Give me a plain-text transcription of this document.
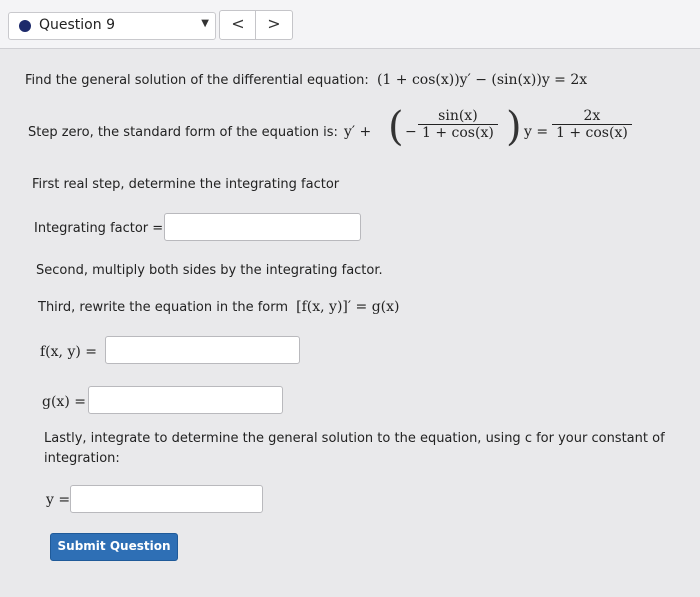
Question 9	▼	<	>
Find the general solution of the differential equation: (1 + cos(x))y′ − (sin(x))y = 2x
Step zero, the standard form of the equation is: y′ + ( − $\frac{\sin(x)}{1 + \cos(x)}$ ) $y = \frac{2x}{1 + \cos(x)}$
First real step, determine the integrating factor
Integrating factor =
Second, multiply both sides by the integrating factor.
Third, rewrite the equation in the form [f(x, y)]′ = g(x)
f(x, y) =
g(x) =
Lastly, integrate to determine the general solution to the equation, using c for your constant of
integration:
y =
Submit Question
